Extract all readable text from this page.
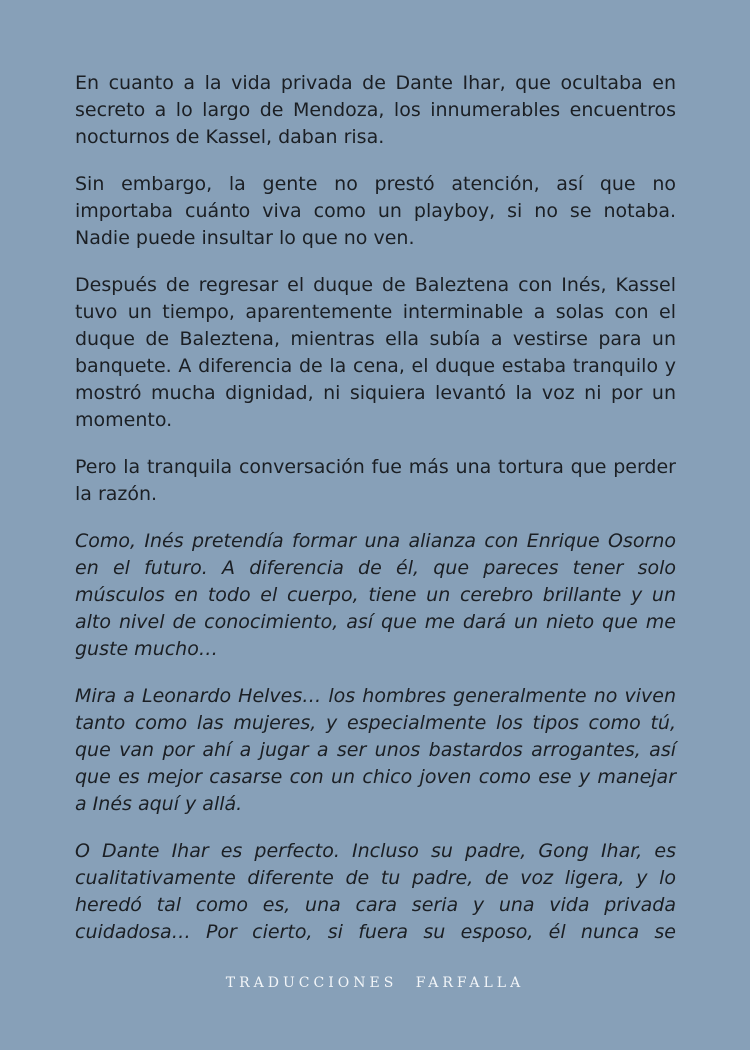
En cuanto a la vida privada de Dante Ihar, que ocultaba en secreto a lo largo de Mendoza, los innumerables encuentros nocturnos de Kassel, daban risa.

Sin embargo, la gente no prestó atención, así que no importaba cuánto viva como un playboy, si no se notaba. Nadie puede insultar lo que no ven.

Después de regresar el duque de Baleztena con Inés, Kassel tuvo un tiempo, aparentemente interminable a solas con el duque de Baleztena, mientras ella subía a vestirse para un banquete. A diferencia de la cena, el duque estaba tranquilo y mostró mucha dignidad, ni siquiera levantó la voz ni por un momento.

Pero la tranquila conversación fue más una tortura que perder la razón.

Como, Inés pretendía formar una alianza con Enrique Osorno en el futuro. A diferencia de él, que pareces tener solo músculos en todo el cuerpo, tiene un cerebro brillante y un alto nivel de conocimiento, así que me dará un nieto que me guste mucho…

Mira a Leonardo Helves… los hombres generalmente no viven tanto como las mujeres, y especialmente los tipos como tú, que van por ahí a jugar a ser unos bastardos arrogantes, así que es mejor casarse con un chico joven como ese y manejar a Inés aquí y allá.

O Dante Ihar es perfecto. Incluso su padre, Gong Ihar, es cualitativamente diferente de tu padre, de voz ligera, y lo heredó tal como es, una cara seria y una vida privada cuidadosa… Por cierto, si fuera su esposo, él nunca se

TRADUCCIONES FARFALLA
